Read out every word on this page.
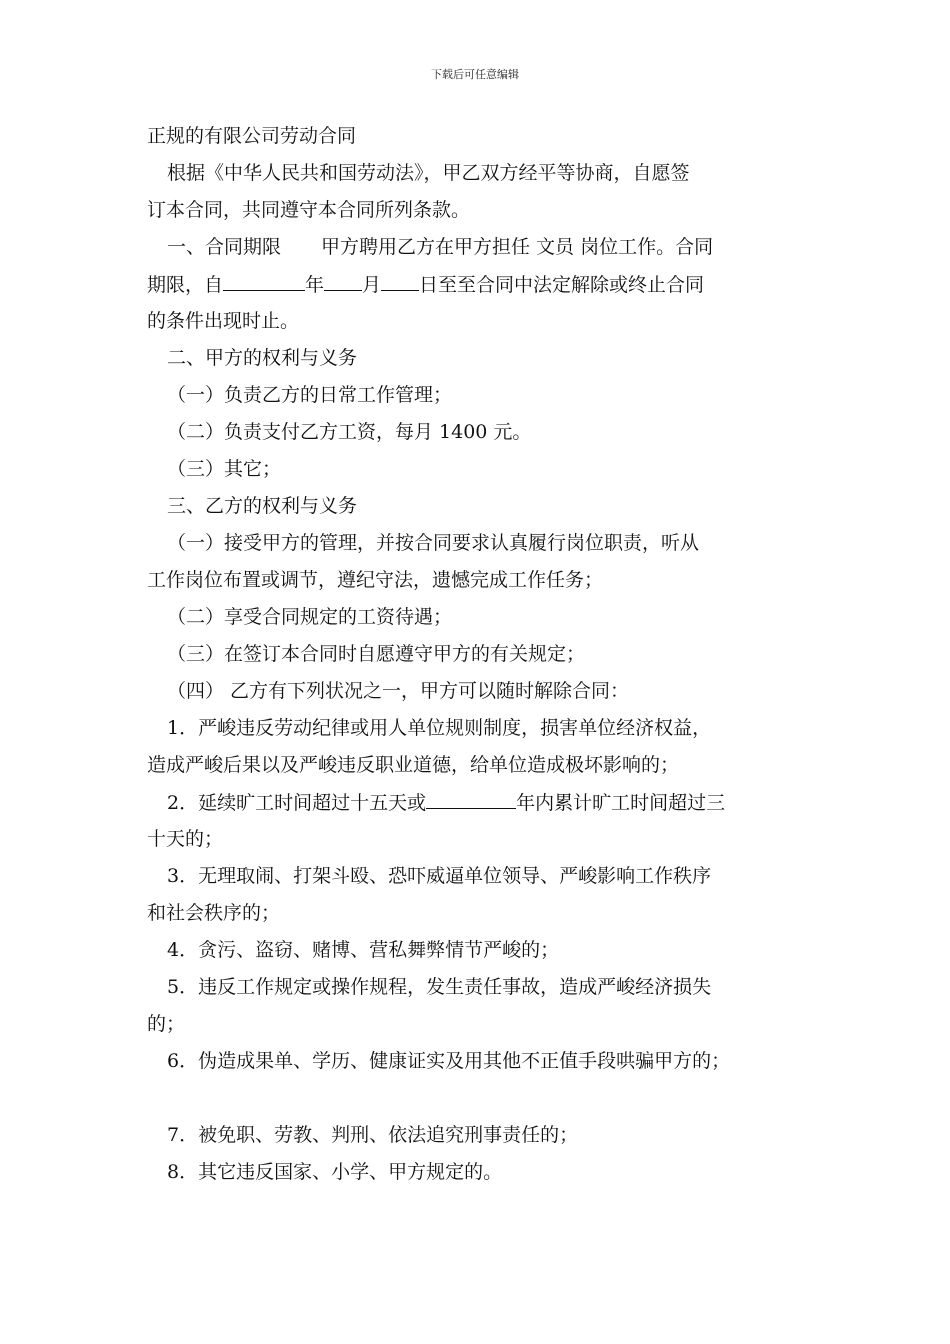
下载后可任意编辑
正规的有限公司劳动合同
根据《中华人民共和国劳动法》，甲乙双方经平等协商，自愿签
订本合同，共同遵守本合同所列条款。
一、合同期限 甲方聘用乙方在甲方担任 文员 岗位工作。合同
期限，自	年 月 日至至合同中法定解除或终止合同
的条件出现时止。
二、甲方的权利与义务
（一）负责乙方的日常工作管理；
（二）负责支付乙方工资，每月 1400 元。
（三）其它；
三、乙方的权利与义务
（一）接受甲方的管理，并按合同要求认真履行岗位职责，听从
工作岗位布置或调节，遵纪守法，遗憾完成工作任务；
（二）享受合同规定的工资待遇；
（三）在签订本合同时自愿遵守甲方的有关规定；
（四） 乙方有下列状况之一，甲方可以随时解除合同：
1．严峻违反劳动纪律或用人单位规则制度，损害单位经济权益，
造成严峻后果以及严峻违反职业道德，给单位造成极坏影响的；
2．延续旷工时间超过十五天或	年内累计旷工时间超过三
十天的；
3．无理取闹、打架斗殴、恐吓威逼单位领导、严峻影响工作秩序
和社会秩序的；
4．贪污、盗窃、赌博、营私舞弊情节严峻的；
5．违反工作规定或操作规程，发生责任事故，造成严峻经济损失
的；
6．伪造成果单、学历、健康证实及用其他不正值手段哄骗甲方的；
7．被免职、劳教、判刑、依法追究刑事责任的；
8．其它违反国家、小学、甲方规定的。
